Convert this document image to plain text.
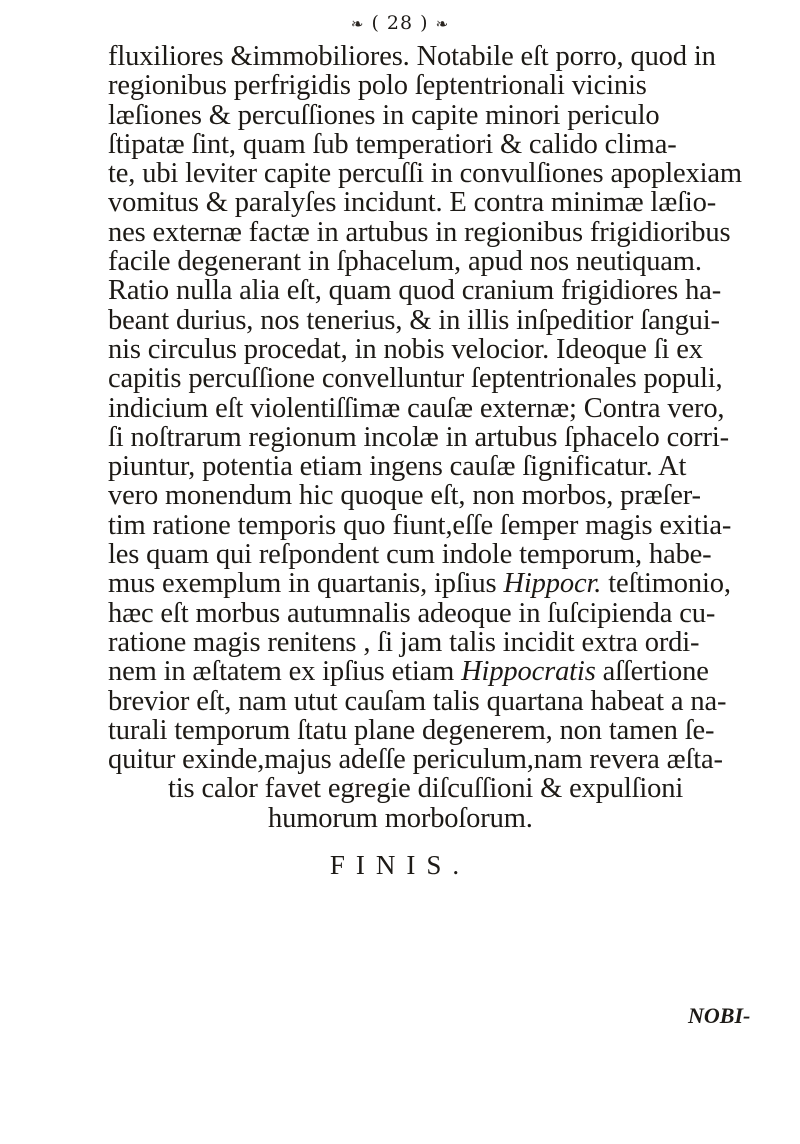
❧ ( 28 ) ❧
fluxiliores &immobiliores. Notabile eſt porro, quod in
regionibus perfrigidis polo ſeptentrionali vicinis
læſiones & percuſſiones in capite minori periculo
ſtipatæ ſint, quam ſub temperatiori & calido clima-
te, ubi leviter capite percuſſi in convulſiones apoplexiam
vomitus & paralyſes incidunt. E contra minimæ læſio-
nes externæ factæ in artubus in regionibus frigidioribus
facile degenerant in ſphacelum, apud nos neutiquam.
Ratio nulla alia eſt, quam quod cranium frigidiores ha-
beant durius, nos tenerius, & in illis inſpeditior ſangui-
nis circulus procedat, in nobis velocior. Ideoque ſi ex
capitis percuſſione convelluntur ſeptentrionales populi,
indicium eſt violentiſſimæ cauſæ externæ; Contra vero,
ſi noſtrarum regionum incolæ in artubus ſphacelo corri-
piuntur, potentia etiam ingens cauſæ ſignificatur. At
vero monendum hic quoque eſt, non morbos, præſer-
tim ratione temporis quo fiunt,eſſe ſemper magis exitia-
les quam qui reſpondent cum indole temporum, habe-
mus exemplum in quartanis, ipſius Hippocr. teſtimonio,
hæc eſt morbus autumnalis adeoque in ſuſcipienda cu-
ratione magis renitens , ſi jam talis incidit extra ordi-
nem in æſtatem ex ipſius etiam Hippocratis aſſertione
brevior eſt, nam utut cauſam talis quartana habeat a na-
turali temporum ſtatu plane degenerem, non tamen ſe-
quitur exinde,majus adeſſe periculum,nam revera æſta-
tis calor favet egregie diſcuſſioni & expulſioni
humorum morboſorum.
FINIS.
NOBI-
